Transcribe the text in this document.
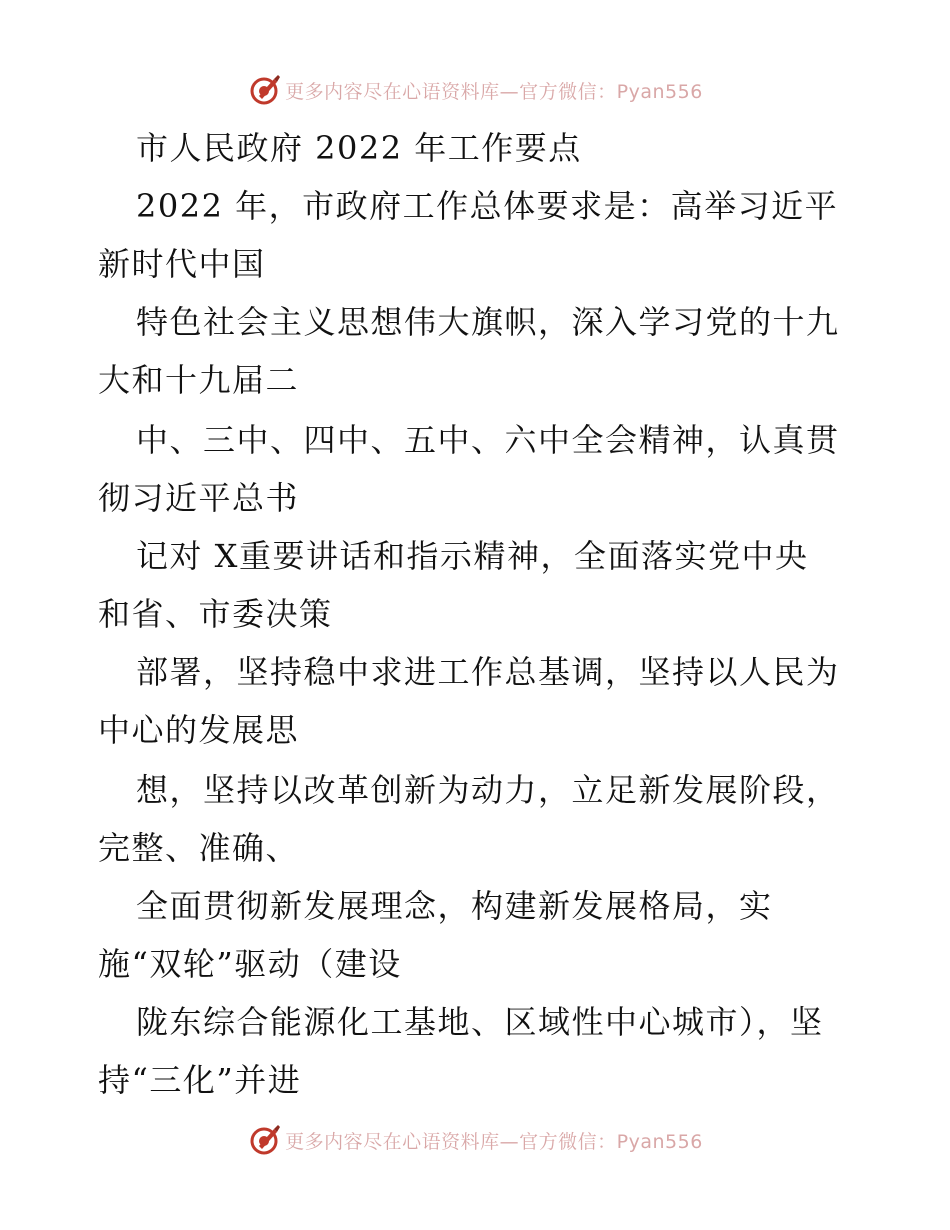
更多内容尽在心语资料库—官方微信：Pyan556
市人民政府 2022 年工作要点
2022 年，市政府工作总体要求是：高举习近平
新时代中国
特色社会主义思想伟大旗帜，深入学习党的十九
大和十九届二
中、三中、四中、五中、六中全会精神，认真贯
彻习近平总书
记对 X重要讲话和指示精神，全面落实党中央
和省、市委决策
部署，坚持稳中求进工作总基调，坚持以人民为
中心的发展思
想，坚持以改革创新为动力，立足新发展阶段，
完整、准确、
全面贯彻新发展理念，构建新发展格局，实
施“双轮”驱动（建设
陇东综合能源化工基地、区域性中心城市），坚
持“三化”并进
更多内容尽在心语资料库—官方微信：Pyan556
